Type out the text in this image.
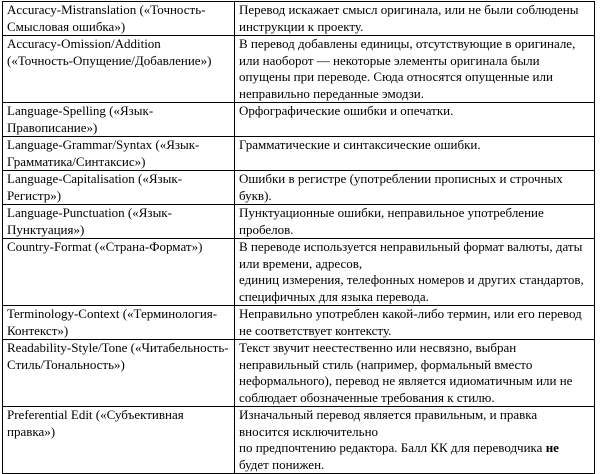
Accuracy-Mistranslation («Точность-Смысловая ошибка»)	Перевод искажает смысл оригинала, или не были соблюдены инструкции к проекту.
Accuracy-Omission/Addition («Точность-Опущение/Добавление»)	В перевод добавлены единицы, отсутствующие в оригинале, или наоборот — некоторые элементы оригинала были опущены при переводе. Сюда относятся опущенные или неправильно переданные эмодзи.
Language-Spelling («Язык-Правописание»)	Орфографические ошибки и опечатки.
Language-Grammar/Syntax («Язык-Грамматика/Синтаксис»)	Грамматические и синтаксические ошибки.
Language-Capitalisation («Язык-Регистр»)	Ошибки в регистре (употреблении прописных и строчных букв).
Language-Punctuation («Язык-Пунктуация»)	Пунктуационные ошибки, неправильное употребление пробелов.
Country-Format («Страна-Формат»)	В переводе используется неправильный формат валюты, даты или времени, адресов,
единиц измерения, телефонных номеров и других стандартов, специфичных для языка перевода.
Terminology-Context («Терминология-Контекст»)	Неправильно употреблен какой-либо термин, или его перевод не соответствует контексту.
Readability-Style/Tone («Читабельность-Стиль/Тональность»)	Текст звучит неестественно или несвязно, выбран неправильный стиль (например, формальный вместо неформального), перевод не является идиоматичным или не соблюдает обозначенные требования к стилю.
Preferential Edit («Субъективная правка»)	Изначальный перевод является правильным, и правка вносится исключительно
по предпочтению редактора. Балл КК для переводчика не будет понижен.
